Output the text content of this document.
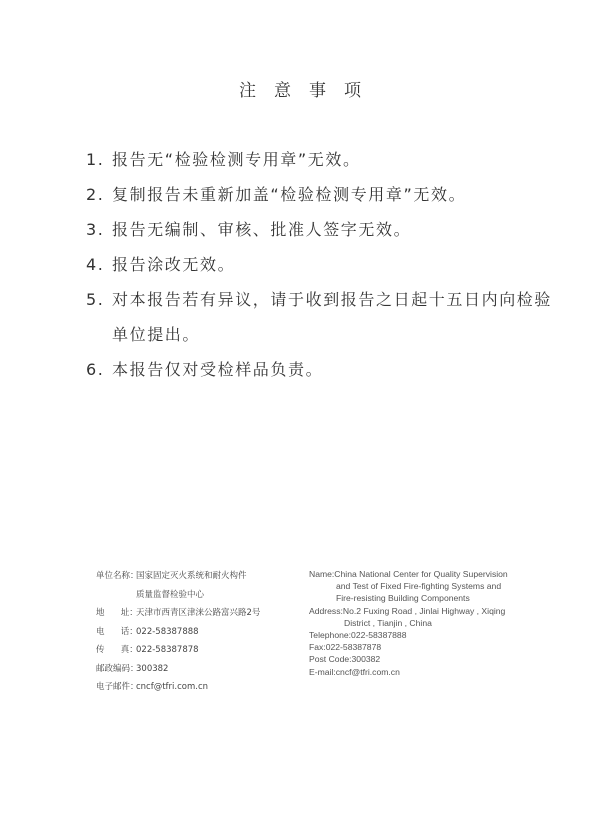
注意事项
1. 报告无“检验检测专用章”无效。
2. 复制报告未重新加盖“检验检测专用章”无效。
3. 报告无编制、审核、批准人签字无效。
4. 报告涂改无效。
5. 对本报告若有异议，请于收到报告之日起十五日内向检验单位提出。
6. 本报告仅对受检样品负责。
单位名称：
国家固定灭火系统和耐火构件
质量监督检验中心
地      址：
天津市西青区津涞公路富兴路2号
电      话：
022-58387888
传      真：
022-58387878
邮政编码：
300382
电子邮件：
cncf@tfri.com.cn
Name:China National Center for Quality Supervision
and Test of Fixed Fire-fighting Systems and
Fire-resisting Building Components
Address:No.2 Fuxing Road , Jinlai Highway , Xiqing
District , Tianjin , China
Telephone:022-58387888
Fax:022-58387878
Post Code:300382
E-mail:cncf@tfri.com.cn
